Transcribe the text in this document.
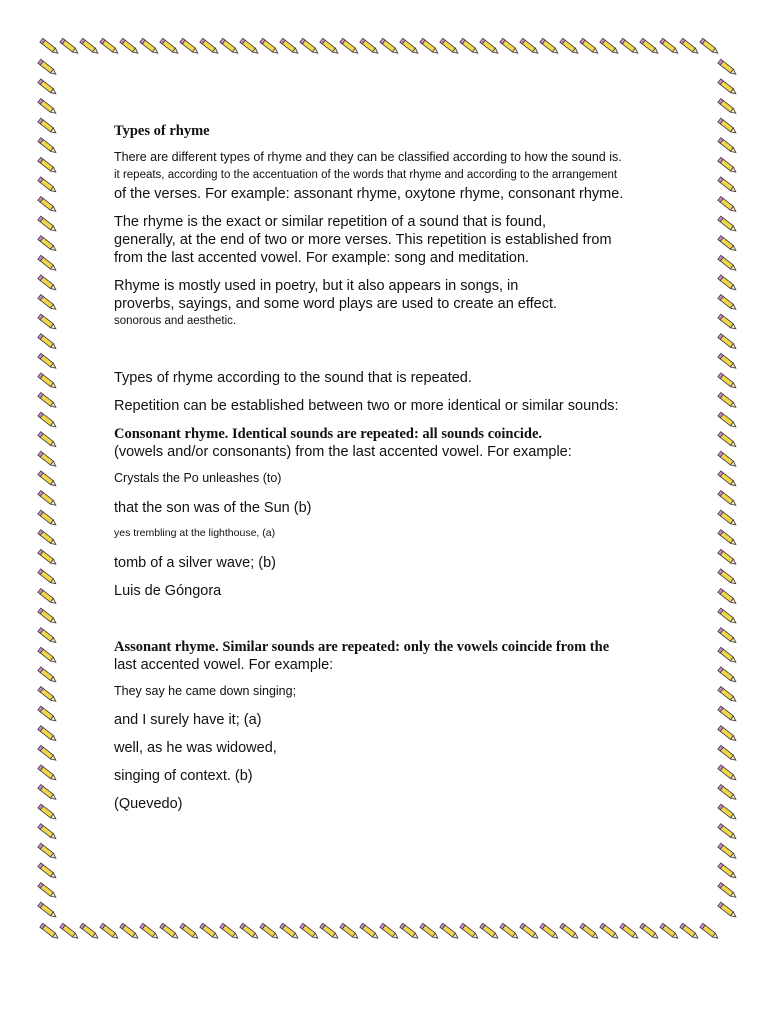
Types of rhyme

There are different types of rhyme and they can be classified according to how the sound is.

it repeats, according to the accentuation of the words that rhyme and according to the arrangement

of the verses. For example: assonant rhyme, oxytone rhyme, consonant rhyme.

The rhyme is the exact or similar repetition of a sound that is found,

generally, at the end of two or more verses. This repetition is established from

from the last accented vowel. For example: song and meditation.

Rhyme is mostly used in poetry, but it also appears in songs, in

proverbs, sayings, and some word plays are used to create an effect.

sonorous and aesthetic.

Types of rhyme according to the sound that is repeated.

Repetition can be established between two or more identical or similar sounds:

Consonant rhyme. Identical sounds are repeated: all sounds coincide.

(vowels and/or consonants) from the last accented vowel. For example:

Crystals the Po unleashes (to)

that the son was of the Sun (b)

yes trembling at the lighthouse, (a)

tomb of a silver wave; (b)

Luis de Góngora

Assonant rhyme. Similar sounds are repeated: only the vowels coincide from the

last accented vowel. For example:

They say he came down singing;

and I surely have it; (a)

well, as he was widowed,

singing of context. (b)

(Quevedo)
